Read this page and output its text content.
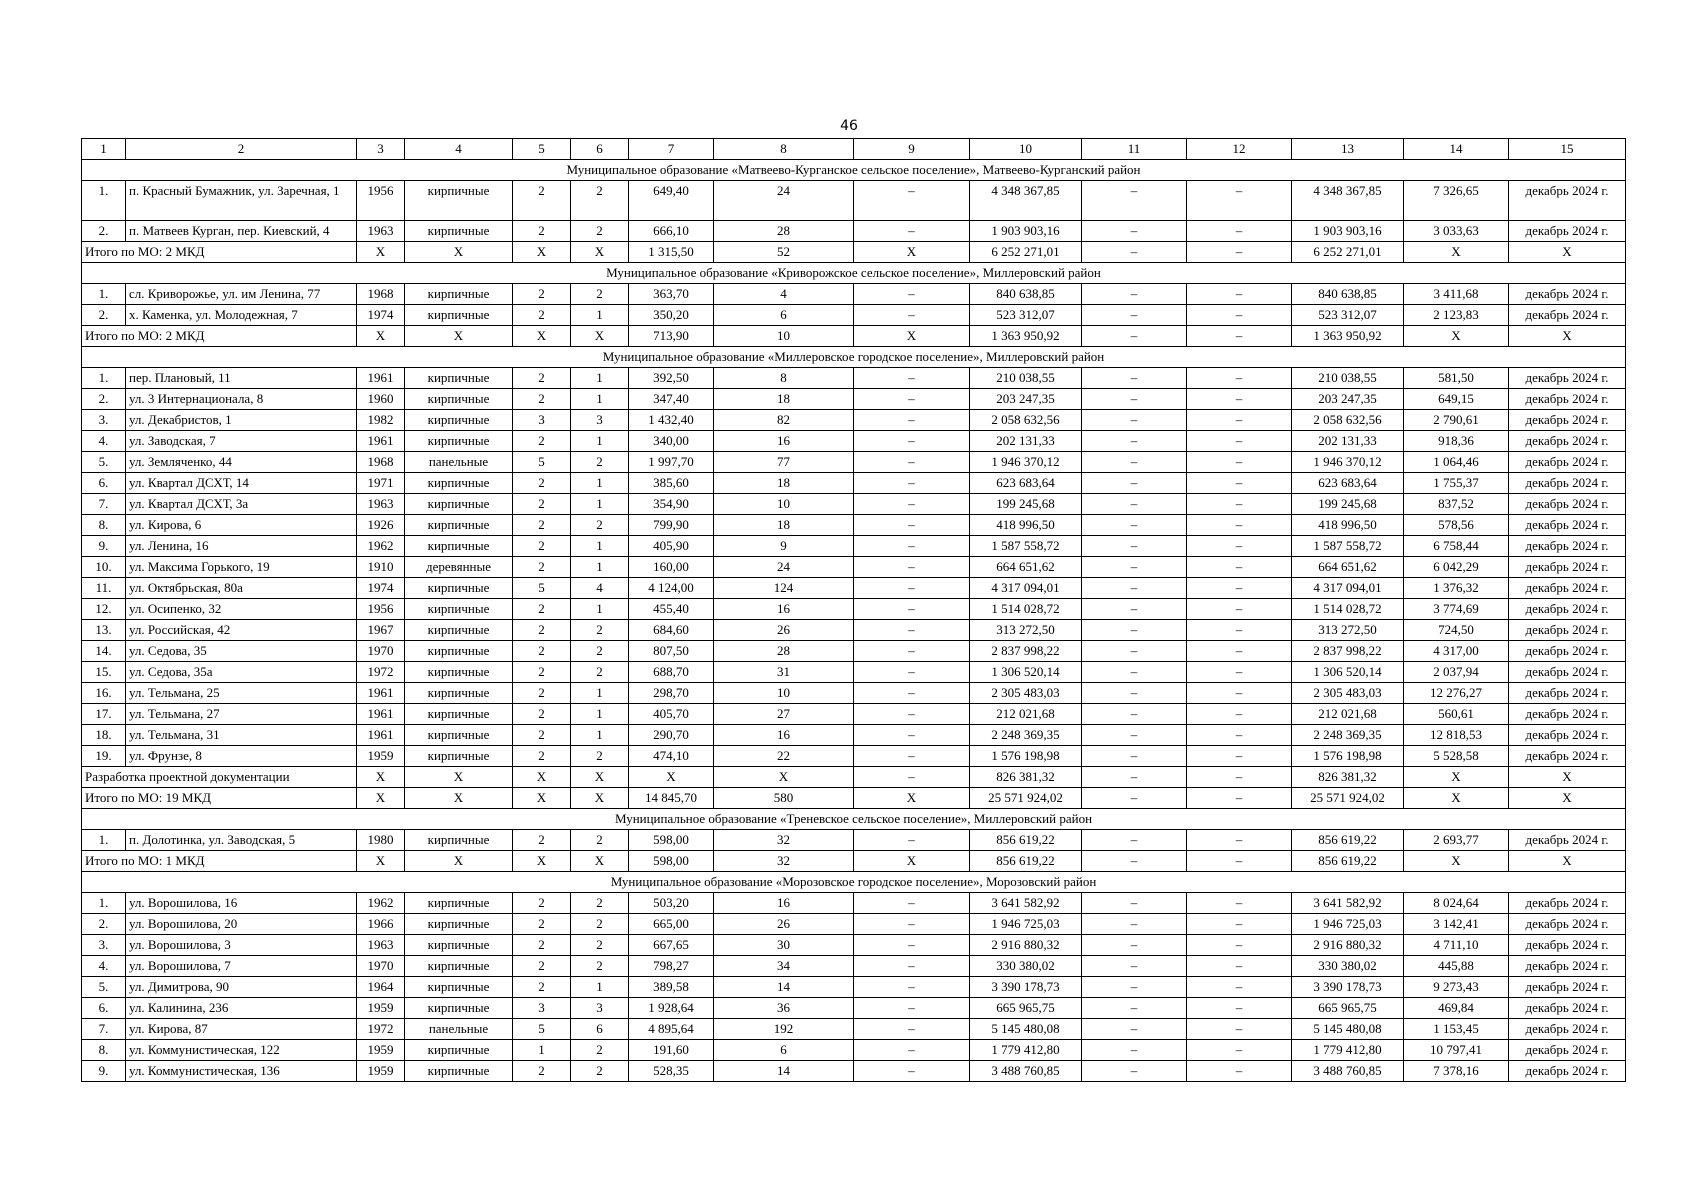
46
1	2	3	4	5	6	7	8	9	10	11	12	13	14	15
Муниципальное образование «Матвеево-Курганское сельское поселение», Матвеево-Курганский район														
1.	п. Красный Бумажник, ул. Заречная, 1	1956	кирпичные	2	2	649,40	24	–	4 348 367,85	–	–	4 348 367,85	7 326,65	декабрь 2024 г.
2.	п. Матвеев Курган, пер. Киевский, 4	1963	кирпичные	2	2	666,10	28	–	1 903 903,16	–	–	1 903 903,16	3 033,63	декабрь 2024 г.
Итого по МО: 2 МКД		Х	Х	Х	Х	1 315,50	52	Х	6 252 271,01	–	–	6 252 271,01	Х	Х
Муниципальное образование «Криворожское сельское поселение», Миллеровский район														
1.	сл. Криворожье, ул. им Ленина, 77	1968	кирпичные	2	2	363,70	4	–	840 638,85	–	–	840 638,85	3 411,68	декабрь 2024 г.
2.	х. Каменка, ул. Молодежная, 7	1974	кирпичные	2	1	350,20	6	–	523 312,07	–	–	523 312,07	2 123,83	декабрь 2024 г.
Итого по МО: 2 МКД		Х	Х	Х	Х	713,90	10	Х	1 363 950,92	–	–	1 363 950,92	Х	Х
Муниципальное образование «Миллеровское городское поселение», Миллеровский район														
1.	пер. Плановый, 11	1961	кирпичные	2	1	392,50	8	–	210 038,55	–	–	210 038,55	581,50	декабрь 2024 г.
2.	ул. 3 Интернационала, 8	1960	кирпичные	2	1	347,40	18	–	203 247,35	–	–	203 247,35	649,15	декабрь 2024 г.
3.	ул. Декабристов, 1	1982	кирпичные	3	3	1 432,40	82	–	2 058 632,56	–	–	2 058 632,56	2 790,61	декабрь 2024 г.
4.	ул. Заводская, 7	1961	кирпичные	2	1	340,00	16	–	202 131,33	–	–	202 131,33	918,36	декабрь 2024 г.
5.	ул. Земляченко, 44	1968	панельные	5	2	1 997,70	77	–	1 946 370,12	–	–	1 946 370,12	1 064,46	декабрь 2024 г.
6.	ул. Квартал ДСХТ, 14	1971	кирпичные	2	1	385,60	18	–	623 683,64	–	–	623 683,64	1 755,37	декабрь 2024 г.
7.	ул. Квартал ДСХТ, 3а	1963	кирпичные	2	1	354,90	10	–	199 245,68	–	–	199 245,68	837,52	декабрь 2024 г.
8.	ул. Кирова, 6	1926	кирпичные	2	2	799,90	18	–	418 996,50	–	–	418 996,50	578,56	декабрь 2024 г.
9.	ул. Ленина, 16	1962	кирпичные	2	1	405,90	9	–	1 587 558,72	–	–	1 587 558,72	6 758,44	декабрь 2024 г.
10.	ул. Максима Горького, 19	1910	деревянные	2	1	160,00	24	–	664 651,62	–	–	664 651,62	6 042,29	декабрь 2024 г.
11.	ул. Октябрьская, 80а	1974	кирпичные	5	4	4 124,00	124	–	4 317 094,01	–	–	4 317 094,01	1 376,32	декабрь 2024 г.
12.	ул. Осипенко, 32	1956	кирпичные	2	1	455,40	16	–	1 514 028,72	–	–	1 514 028,72	3 774,69	декабрь 2024 г.
13.	ул. Российская, 42	1967	кирпичные	2	2	684,60	26	–	313 272,50	–	–	313 272,50	724,50	декабрь 2024 г.
14.	ул. Седова, 35	1970	кирпичные	2	2	807,50	28	–	2 837 998,22	–	–	2 837 998,22	4 317,00	декабрь 2024 г.
15.	ул. Седова, 35а	1972	кирпичные	2	2	688,70	31	–	1 306 520,14	–	–	1 306 520,14	2 037,94	декабрь 2024 г.
16.	ул. Тельмана, 25	1961	кирпичные	2	1	298,70	10	–	2 305 483,03	–	–	2 305 483,03	12 276,27	декабрь 2024 г.
17.	ул. Тельмана, 27	1961	кирпичные	2	1	405,70	27	–	212 021,68	–	–	212 021,68	560,61	декабрь 2024 г.
18.	ул. Тельмана, 31	1961	кирпичные	2	1	290,70	16	–	2 248 369,35	–	–	2 248 369,35	12 818,53	декабрь 2024 г.
19.	ул. Фрунзе, 8	1959	кирпичные	2	2	474,10	22	–	1 576 198,98	–	–	1 576 198,98	5 528,58	декабрь 2024 г.
Разработка проектной документации		Х	Х	Х	Х	Х	Х	–	826 381,32	–	–	826 381,32	Х	Х
Итого по МО: 19 МКД		Х	Х	Х	Х	14 845,70	580	Х	25 571 924,02	–	–	25 571 924,02	Х	Х
Муниципальное образование «Треневское сельское поселение», Миллеровский район														
1.	п. Долотинка, ул. Заводская, 5	1980	кирпичные	2	2	598,00	32	–	856 619,22	–	–	856 619,22	2 693,77	декабрь 2024 г.
Итого по МО: 1 МКД		Х	Х	Х	Х	598,00	32	Х	856 619,22	–	–	856 619,22	Х	Х
Муниципальное образование «Морозовское городское поселение», Морозовский район														
1.	ул. Ворошилова, 16	1962	кирпичные	2	2	503,20	16	–	3 641 582,92	–	–	3 641 582,92	8 024,64	декабрь 2024 г.
2.	ул. Ворошилова, 20	1966	кирпичные	2	2	665,00	26	–	1 946 725,03	–	–	1 946 725,03	3 142,41	декабрь 2024 г.
3.	ул. Ворошилова, 3	1963	кирпичные	2	2	667,65	30	–	2 916 880,32	–	–	2 916 880,32	4 711,10	декабрь 2024 г.
4.	ул. Ворошилова, 7	1970	кирпичные	2	2	798,27	34	–	330 380,02	–	–	330 380,02	445,88	декабрь 2024 г.
5.	ул. Димитрова, 90	1964	кирпичные	2	1	389,58	14	–	3 390 178,73	–	–	3 390 178,73	9 273,43	декабрь 2024 г.
6.	ул. Калинина, 236	1959	кирпичные	3	3	1 928,64	36	–	665 965,75	–	–	665 965,75	469,84	декабрь 2024 г.
7.	ул. Кирова, 87	1972	панельные	5	6	4 895,64	192	–	5 145 480,08	–	–	5 145 480,08	1 153,45	декабрь 2024 г.
8.	ул. Коммунистическая, 122	1959	кирпичные	1	2	191,60	6	–	1 779 412,80	–	–	1 779 412,80	10 797,41	декабрь 2024 г.
9.	ул. Коммунистическая, 136	1959	кирпичные	2	2	528,35	14	–	3 488 760,85	–	–	3 488 760,85	7 378,16	декабрь 2024 г.
